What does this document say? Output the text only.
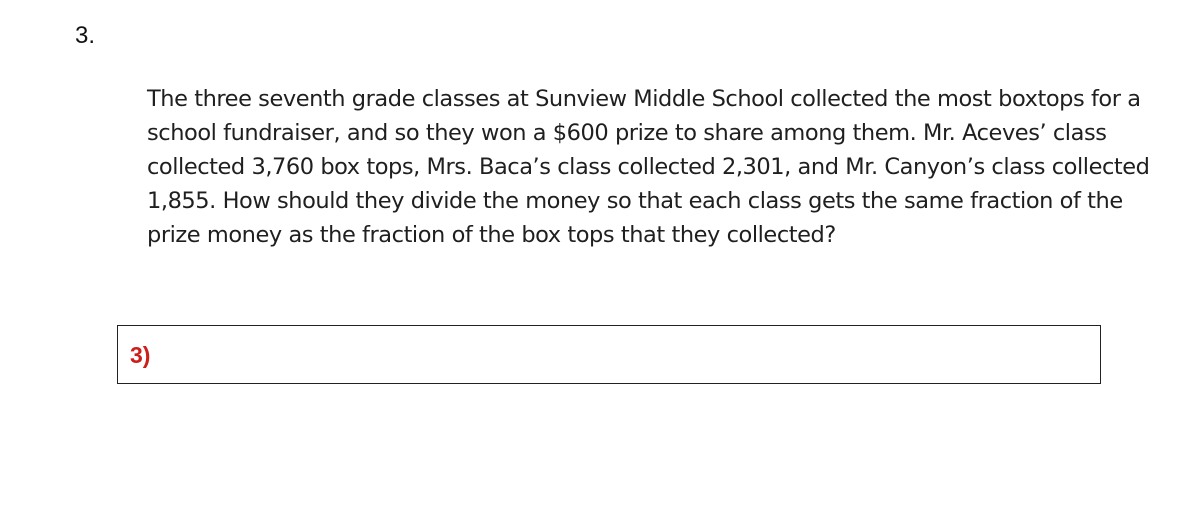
3.

The three seventh grade classes at Sunview Middle School collected the most boxtops for a school fundraiser, and so they won a $600 prize to share among them. Mr. Aceves’ class collected 3,760 box tops, Mrs. Baca’s class collected 2,301, and Mr. Canyon’s class collected 1,855. How should they divide the money so that each class gets the same fraction of the prize money as the fraction of the box tops that they collected?

3)
